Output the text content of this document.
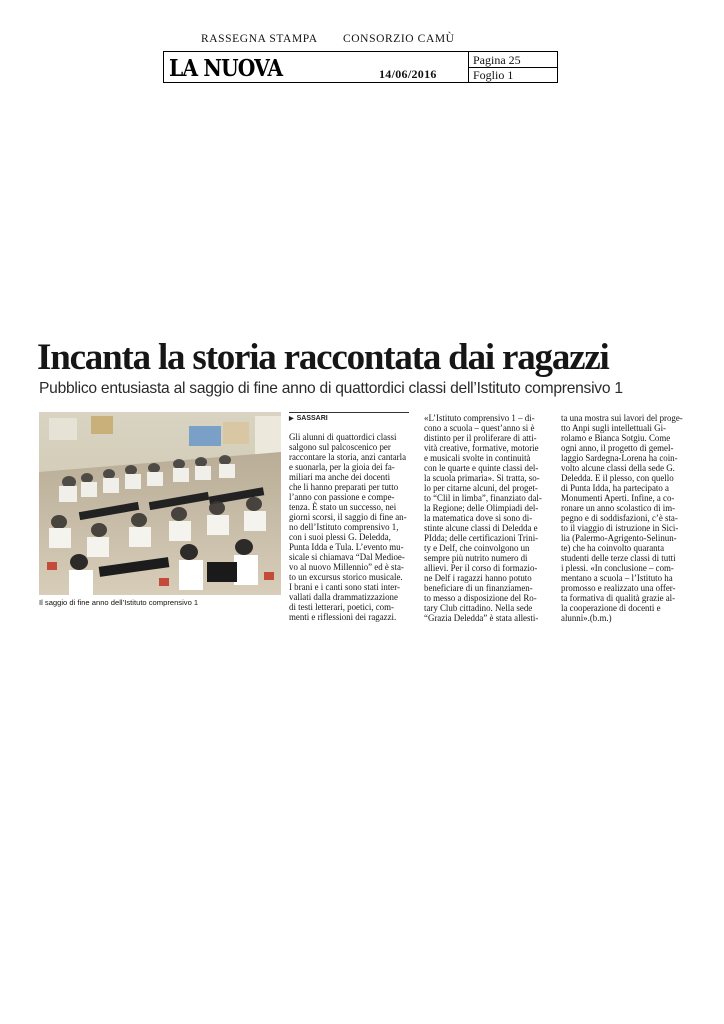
RASSEGNA STAMPA CONSORZIO CAMÙ
LA NUOVA	14/06/2016
Pagina 25
Foglio 1
Incanta la storia raccontata dai ragazzi
Pubblico entusiasta al saggio di fine anno di quattordici classi dell’Istituto comprensivo 1
Il saggio di fine anno dell’Istituto comprensivo 1
▶ SASSARI
Gli alunni di quattordici classi
salgono sul palcoscenico per
raccontare la storia, anzi cantarla
e suonarla, per la gioia dei fa-
miliari ma anche dei docenti
che li hanno preparati per tutto
l’anno con passione e compe-
tenza. È stato un successo, nei
giorni scorsi, il saggio di fine an-
no dell’Istituto comprensivo 1,
con i suoi plessi G. Deledda,
Punta Idda e Tula. L’evento mu-
sicale si chiamava “Dal Medioe-
vo al nuovo Millennio” ed è sta-
to un excursus storico musicale.
I brani e i canti sono stati inter-
vallati dalla drammatizzazione
di testi letterari, poetici, com-
menti e riflessioni dei ragazzi.
«L’Istituto comprensivo 1 – di-
cono a scuola – quest’anno si è
distinto per il proliferare di atti-
vità creative, formative, motorie
e musicali svolte in continuità
con le quarte e quinte classi del-
la scuola primaria». Si tratta, so-
lo per citarne alcuni, del proget-
to “Clil in limba”, finanziato dal-
la Regione; delle Olimpiadi del-
la matematica dove si sono di-
stinte alcune classi di Deledda e
PIdda; delle certificazioni Trini-
ty e Delf, che coinvolgono un
sempre più nutrito numero di
allievi. Per il corso di formazio-
ne Delf i ragazzi hanno potuto
beneficiare di un finanziamen-
to messo a disposizione del Ro-
tary Club cittadino. Nella sede
“Grazia Deledda” è stata allesti-
ta una mostra sui lavori del proge-
tto Anpi sugli intellettuali Gi-
rolamo e Bianca Sotgiu. Come
ogni anno, il progetto di gemel-
laggio Sardegna-Lorena ha coin-
volto alcune classi della sede G.
Deledda. E il plesso, con quello
di Punta Idda, ha partecipato a
Monumenti Aperti. Infine, a co-
ronare un anno scolastico di im-
pegno e di soddisfazioni, c’è sta-
to il viaggio di istruzione in Sici-
lia (Palermo-Agrigento-Selinun-
te) che ha coinvolto quaranta
studenti delle terze classi di tutti
i plessi. «In conclusione – com-
mentano a scuola – l’Istituto ha
promosso e realizzato una offer-
ta formativa di qualità grazie al-
la cooperazione di docenti e
alunni».(b.m.)
